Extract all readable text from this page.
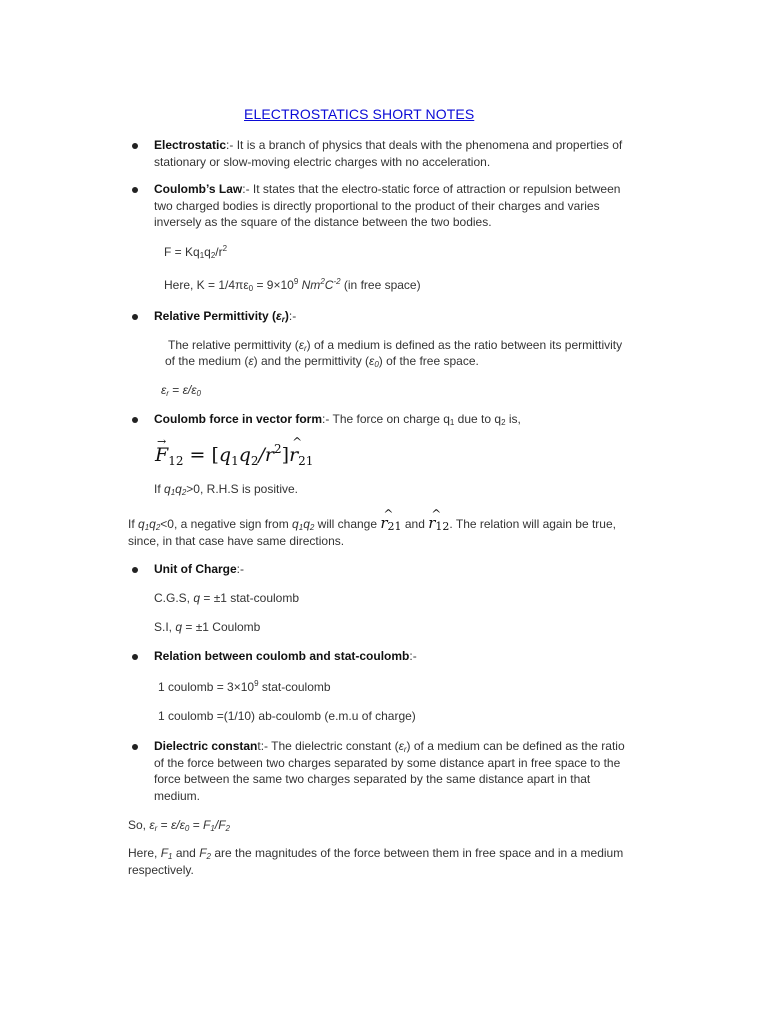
ELECTROSTATICS SHORT NOTES
Electrostatic:- It is a branch of physics that deals with the phenomena and properties of
stationary or slow-moving electric charges with no acceleration.
Coulomb’s Law:- It states that the electro-static force of attraction or repulsion between
two charged bodies is directly proportional to the product of their charges and varies
inversely as the square of the distance between the two bodies.
$F = Kq_1q_2/r^2$
Here, $K = 1/4\pi\varepsilon_0 = 9\times 10^9$ $Nm^2C^{-2}$ (in free space)
Relative Permittivity $(\varepsilon_r):-$
The relative permittivity $(\varepsilon_r)$ of a medium is defined as the ratio between its permittivity
of the medium (ε) and the permittivity $(\varepsilon_0)$ of the free space.
$\varepsilon_r = \varepsilon/\varepsilon_0$
Coulomb force in vector form:- The force on charge $q_1$ due to $q_2$ is,
→ $F_{12}$ = $[q_1q_2/r^2]\^{}$ $r_{21}$
If $q_1q_2>0$, R.H.S is positive.
If $q_1q_2<0$, a negative sign from $q_1q_2$ will change ^ $r_{21}$ and ^ $r_{12}$. The relation will again be true,
since, in that case have same directions.
Unit of Charge:-
C.G.S, q = ±1 stat-coulomb
S.I, q = ±1 Coulomb
Relation between coulomb and stat-coulomb:-
1 coulomb = $3\times 10^9$ stat-coulomb
1 coulomb =(1/10) ab-coulomb (e.m.u of charge)
Dielectric constant:- The dielectric constant $(\varepsilon_r)$ of a medium can be defined as the ratio
of the force between two charges separated by some distance apart in free space to the
force between the same two charges separated by the same distance apart in that
medium.
So, $\varepsilon_r = \varepsilon/\varepsilon_0 = F_1/F_2$
Here, $F_1$ and $F_2$ are the magnitudes of the force between them in free space and in a medium
respectively.
